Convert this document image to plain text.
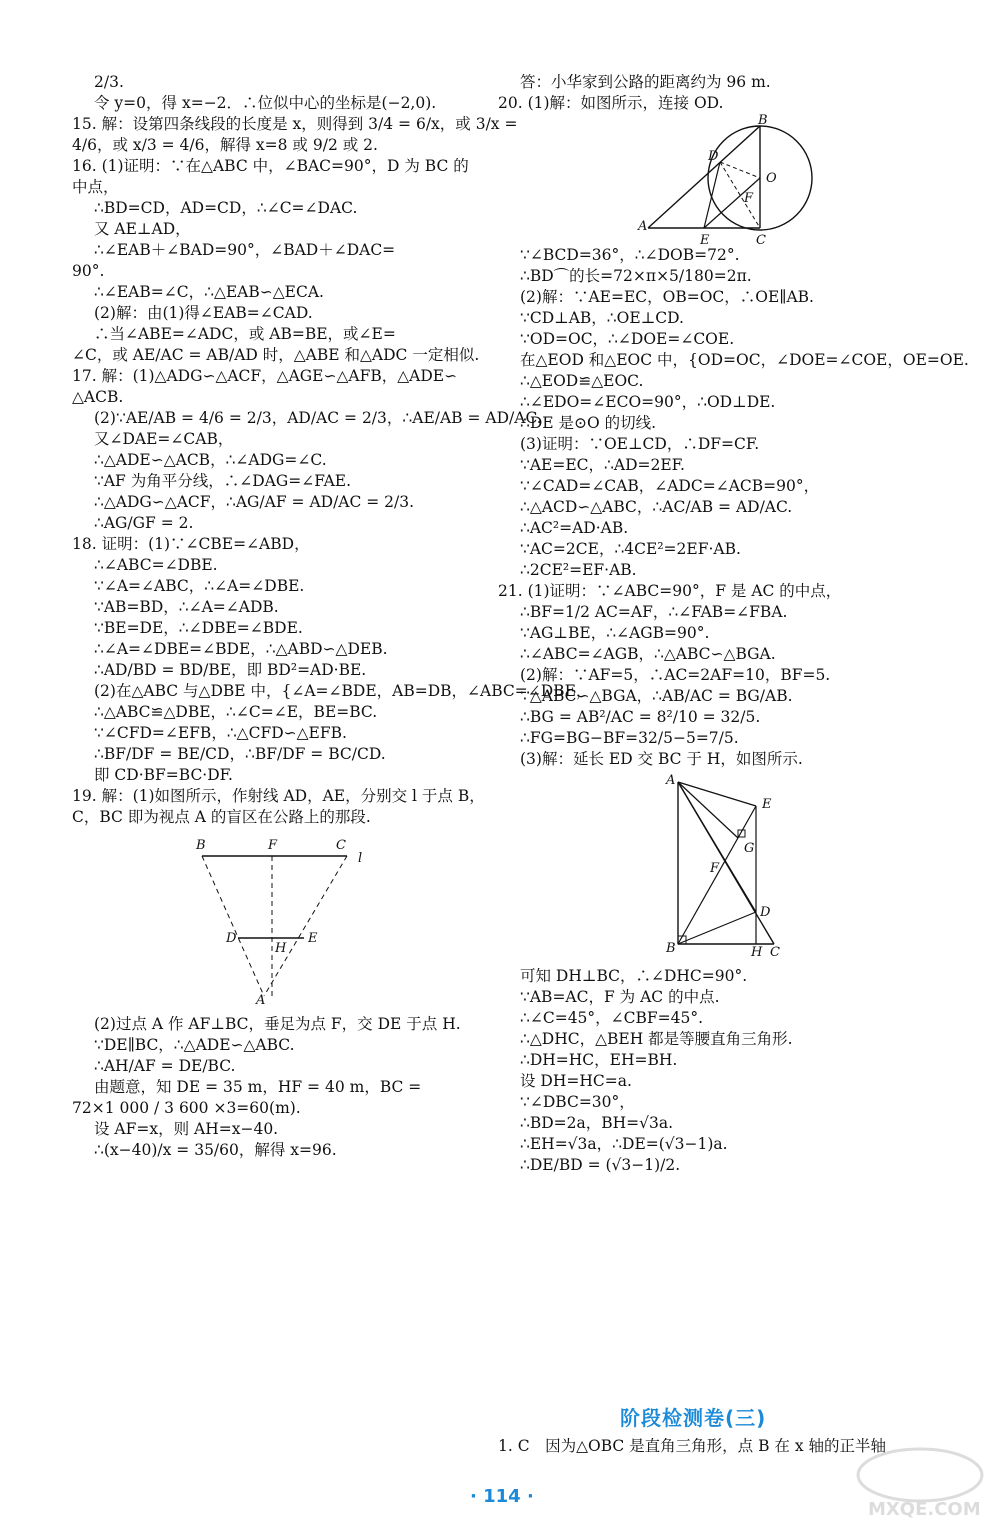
2/3.
令 y=0，得 x=−2．∴位似中心的坐标是(−2,0).
15. 解：设第四条线段的长度是 x，则得到 3/4 = 6/x，或 3/x =
4/6，或 x/3 = 4/6，解得 x=8 或 9/2 或 2.
16. (1)证明：∵在△ABC 中，∠BAC=90°，D 为 BC 的
中点，
∴BD=CD，AD=CD，∴∠C=∠DAC.
又 AE⊥AD，
∴∠EAB＋∠BAD=90°，∠BAD＋∠DAC=
90°.
∴∠EAB=∠C，∴△EAB∽△ECA.
(2)解：由(1)得∠EAB=∠CAD.
∴当∠ABE=∠ADC，或 AB=BE，或∠E=
∠C，或 AE/AC = AB/AD 时，△ABE 和△ADC 一定相似.
17. 解：(1)△ADG∽△ACF，△AGE∽△AFB，△ADE∽
△ACB.
(2)∵AE/AB = 4/6 = 2/3，AD/AC = 2/3，∴AE/AB = AD/AC.
又∠DAE=∠CAB，
∴△ADE∽△ACB，∴∠ADG=∠C.
∵AF 为角平分线，∴∠DAG=∠FAE.
∴△ADG∽△ACF，∴AG/AF = AD/AC = 2/3.
∴AG/GF = 2.
18. 证明：(1)∵∠CBE=∠ABD，
∴∠ABC=∠DBE.
∵∠A=∠ABC，∴∠A=∠DBE.
∵AB=BD，∴∠A=∠ADB.
∵BE=DE，∴∠DBE=∠BDE.
∴∠A=∠DBE=∠BDE，∴△ABD∽△DEB.
∴AD/BD = BD/BE，即 BD²=AD·BE.
(2)在△ABC 与△DBE 中，{∠A=∠BDE，AB=DB，∠ABC=∠DBE，
∴△ABC≌△DBE，∴∠C=∠E，BE=BC.
∵∠CFD=∠EFB，∴△CFD∽△EFB.
∴BF/DF = BE/CD，∴BF/DF = BC/CD.
即 CD·BF=BC·DF.
19. 解：(1)如图所示，作射线 AD，AE，分别交 l 于点 B，
C，BC 即为视点 A 的盲区在公路上的那段.
B	F	C
l
D
H
E
A
(2)过点 A 作 AF⊥BC，垂足为点 F，交 DE 于点 H.
∵DE∥BC，∴△ADE∽△ABC.
∴AH/AF = DE/BC.
由题意，知 DE = 35 m，HF = 40 m，BC =
72×1 000 / 3 600 ×3=60(m).
设 AF=x，则 AH=x−40.
∴(x−40)/x = 35/60，解得 x=96.
答：小华家到公路的距离约为 96 m.
20. (1)解：如图所示，连接 OD.
B
D
O
F
A
E	C
∵∠BCD=36°，∴∠DOB=72°.
∴BD⌒的长=72×π×5/180=2π.
(2)解：∵AE=EC，OB=OC，∴OE∥AB.
∵CD⊥AB，∴OE⊥CD.
∵OD=OC，∴∠DOE=∠COE.
在△EOD 和△EOC 中，{OD=OC，∠DOE=∠COE，OE=OE.
∴△EOD≌△EOC.
∴∠EDO=∠ECO=90°，∴OD⊥DE.
∴DE 是⊙O 的切线.
(3)证明：∵OE⊥CD，∴DF=CF.
∵AE=EC，∴AD=2EF.
∵∠CAD=∠CAB，∠ADC=∠ACB=90°，
∴△ACD∽△ABC，∴AC/AB = AD/AC.
∴AC²=AD·AB.
∵AC=2CE，∴4CE²=2EF·AB.
∴2CE²=EF·AB.
21. (1)证明：∵∠ABC=90°，F 是 AC 的中点，
∴BF=1/2 AC=AF，∴∠FAB=∠FBA.
∵AG⊥BE，∴∠AGB=90°.
∴∠ABC=∠AGB，∴△ABC∽△BGA.
(2)解：∵AF=5，∴AC=2AF=10，BF=5.
∵△ABC∽△BGA，∴AB/AC = BG/AB.
∴BG = AB²/AC = 8²/10 = 32/5.
∴FG=BG−BF=32/5−5=7/5.
(3)解：延长 ED 交 BC 于 H，如图所示.
A
E
G
F
D
B	H C
可知 DH⊥BC，∴∠DHC=90°.
∵AB=AC，F 为 AC 的中点.
∴∠C=45°，∠CBF=45°.
∴△DHC，△BEH 都是等腰直角三角形.
∴DH=HC，EH=BH.
设 DH=HC=a.
∵∠DBC=30°，
∴BD=2a，BH=√3a.
∴EH=√3a，∴DE=(√3−1)a.
∴DE/BD = (√3−1)/2.
阶段检测卷(三)
1. C　因为△OBC 是直角三角形，点 B 在 x 轴的正半轴
· 114 ·
MXQE.COM
